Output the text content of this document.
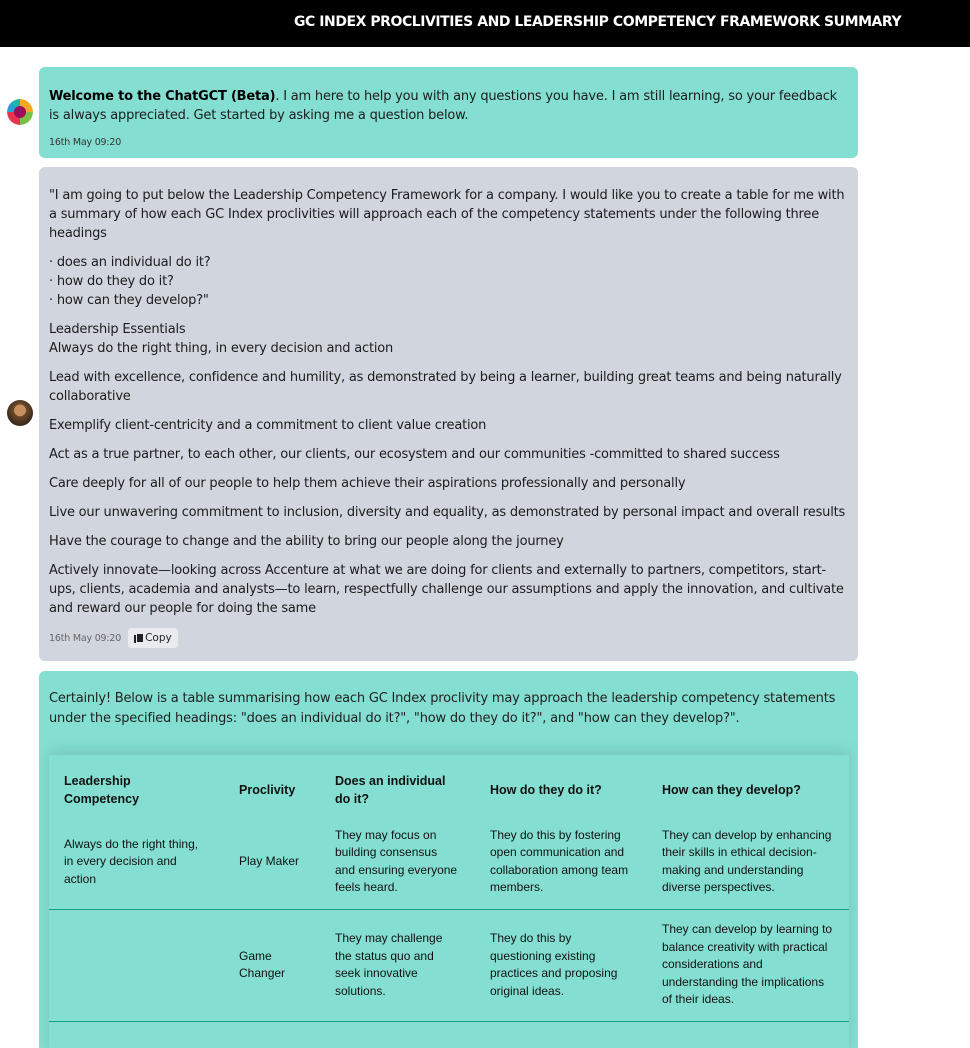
GC INDEX PROCLIVITIES AND LEADERSHIP COMPETENCY FRAMEWORK SUMMARY
Welcome to the ChatGCT (Beta). I am here to help you with any questions you have. I am still learning, so your feedback is always appreciated. Get started by asking me a question below.
16th May 09:20

"I am going to put below the Leadership Competency Framework for a company. I would like you to create a table for me with a summary of how each GC Index proclivities will approach each of the competency statements under the following three headings

· does an individual do it?
· how do they do it?
· how can they develop?"
Leadership Essentials
Always do the right thing, in every decision and action

Lead with excellence, confidence and humility, as demonstrated by being a learner, building great teams and being naturally collaborative

Exemplify client-centricity and a commitment to client value creation

Act as a true partner, to each other, our clients, our ecosystem and our communities -committed to shared success

Care deeply for all of our people to help them achieve their aspirations professionally and personally

Live our unwavering commitment to inclusion, diversity and equality, as demonstrated by personal impact and overall results

Have the courage to change and the ability to bring our people along the journey

Actively innovate—looking across Accenture at what we are doing for clients and externally to partners, competitors, start-ups, clients, academia and analysts—to learn, respectfully challenge our assumptions and apply the innovation, and cultivate and reward our people for doing the same

16th May 09:20 Copy

Certainly! Below is a table summarising how each GC Index proclivity may approach the leadership competency statements under the specified headings: "does an individual do it?", "how do they do it?", and "how can they develop?".

Leadership Competency	Proclivity	Does an individual do it?	How do they do it?	How can they develop?
Always do the right thing, in every decision and action	Play Maker	They may focus on building consensus and ensuring everyone feels heard.	They do this by fostering open communication and collaboration among team members.	They can develop by enhancing their skills in ethical decision-making and understanding diverse perspectives.
	Game Changer	They may challenge the status quo and seek innovative solutions.	They do this by questioning existing practices and proposing original ideas.	They can develop by learning to balance creativity with practical considerations and understanding the implications of their ideas.
